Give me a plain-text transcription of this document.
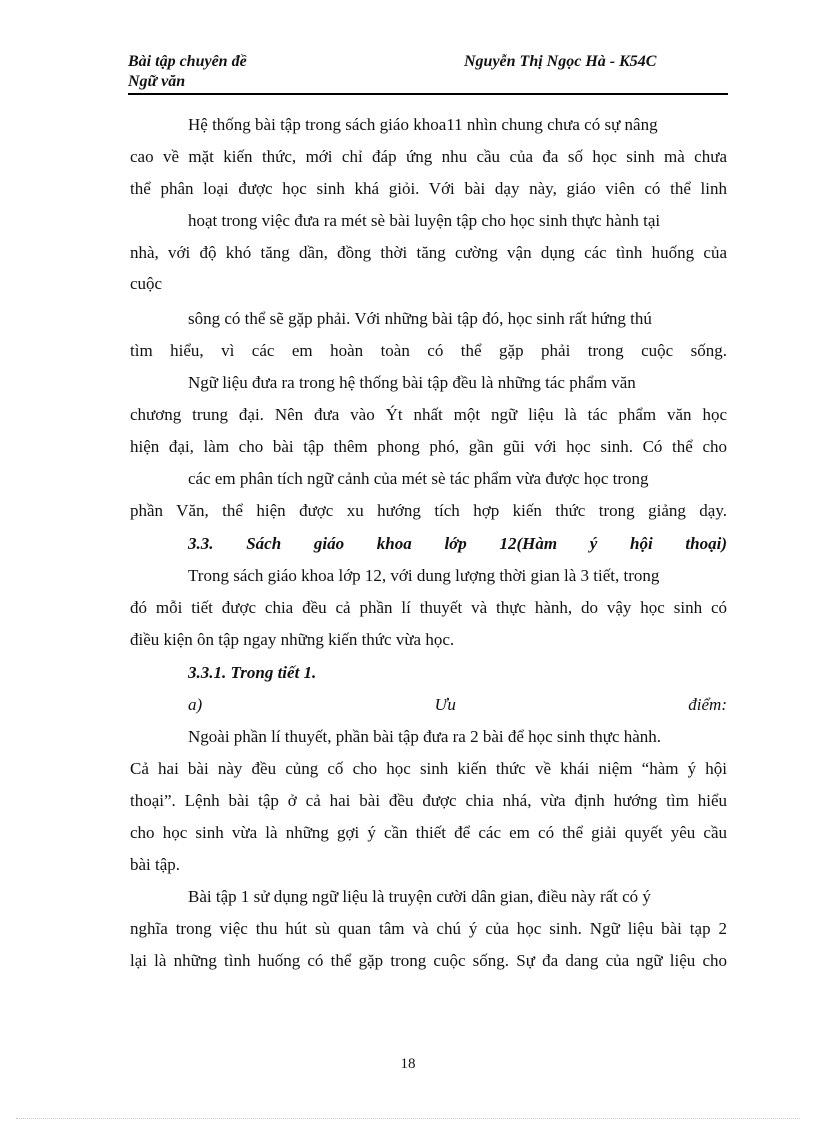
Bài tập chuyên đề
Ngữ văn
Nguyễn Thị Ngọc Hà - K54C
Hệ thống bài tập trong sách giáo khoa11 nhìn chung chưa có sự nâng
cao về mặt kiến thức, mới chỉ đáp ứng nhu cầu của đa số học sinh mà chưa
thể phân loại được học sinh khá giỏi. Với bài dạy này, giáo viên có thể linh
hoạt trong việc đưa ra mét sè bài luyện tập cho học sinh thực hành tại
nhà, với độ khó tăng dần, đồng thời tăng cường vận dụng các tình huống của
cuộc
sông có thể sẽ gặp phải. Với những bài tập đó, học sinh rất hứng thú
tìm hiểu, vì các em hoàn toàn có thể gặp phải trong cuộc sống.
Ngữ liệu đưa ra trong hệ thống bài tập đều là những tác phẩm văn
chương trung đại. Nên đưa vào Ýt nhất một ngữ liệu là tác phẩm văn học
hiện đại, làm cho bài tập thêm phong phó, gần gũi với học sinh. Có thể cho
các em phân tích ngữ cảnh của mét sè tác phẩm vừa được học trong
phần Văn, thể hiện được xu hướng tích hợp kiến thức trong giảng dạy.
3.3. Sách giáo khoa lớp 12(Hàm ý hội thoại)
Trong sách giáo khoa lớp 12, với dung lượng thời gian là 3 tiết, trong
đó mỗi tiết được chia đều cả phần lí thuyết và thực hành, do vậy học sinh có
điều kiện ôn tập ngay những kiến thức vừa học.
3.3.1. Trong tiết 1.
a) Ưu điểm:
Ngoài phần lí thuyết, phần bài tập đưa ra 2 bài để học sinh thực hành.
Cả hai bài này đều củng cố cho học sinh kiến thức về khái niệm “hàm ý hội
thoại”. Lệnh bài tập ở cả hai bài đều được chia nhá, vừa định hướng tìm hiểu
cho học sinh vừa là những gợi ý cần thiết để các em có thể giải quyết yêu cầu
bài tập.
Bài tập 1 sử dụng ngữ liệu là truyện cười dân gian, điều này rất có ý
nghĩa trong việc thu hút sù quan tâm và chú ý của học sinh. Ngữ liệu bài tạp 2
lại là những tình huống có thể gặp trong cuộc sống. Sự đa dang của ngữ liệu cho
18
